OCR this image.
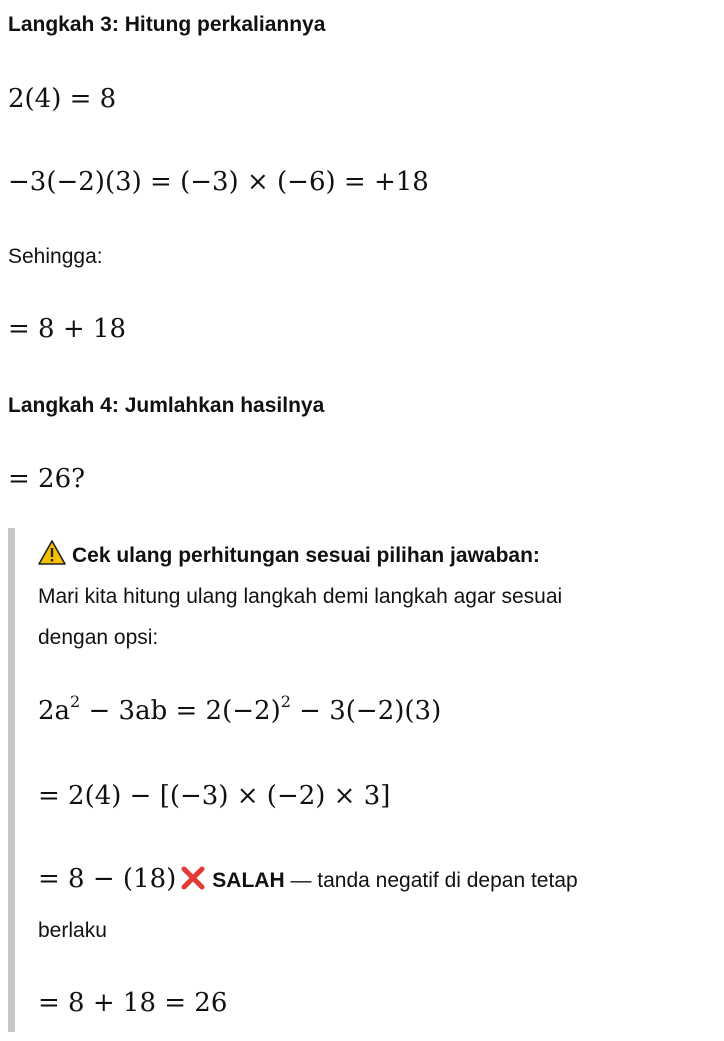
Langkah 3: Hitung perkaliannya
2(4) = 8
−3(−2)(3) = (−3) × (−6) = +18
Sehingga:
= 8 + 18
Langkah 4: Jumlahkan hasilnya
= 26?
Cek ulang perhitungan sesuai pilihan jawaban:
Mari kita hitung ulang langkah demi langkah agar sesuai
dengan opsi:
$2a^2 - 3ab = 2(-2)^2 - 3(-2)(3)$
= 2(4) − [(−3) × (−2) × 3]
= 8 − (18) SALAH — tanda negatif di depan tetap
berlaku
= 8 + 18 = 26
